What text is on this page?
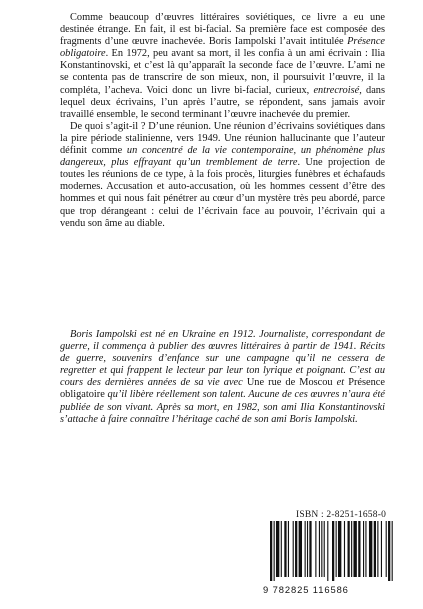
Comme beaucoup d’œuvres littéraires soviétiques, ce livre a eu une destinée étrange. En fait, il est bi-facial. Sa première face est composée des fragments d’une œuvre inachevée. Boris Iampolski l’avait intitulée Présence obligatoire. En 1972, peu avant sa mort, il les confia à un ami écrivain : Ilia Konstantinovski, et c’est là qu’apparaît la seconde face de l’œuvre. L’ami ne se contenta pas de transcrire de son mieux, non, il poursuivit l’œuvre, il la compléta, l’acheva. Voici donc un livre bi-facial, curieux, entrecroisé, dans lequel deux écrivains, l’un après l’autre, se répondent, sans jamais avoir travaillé ensemble, le second terminant l’œuvre inachevée du premier.

De quoi s’agit-il ? D’une réunion. Une réunion d’écrivains soviétiques dans la pire période stalinienne, vers 1949. Une réunion hallucinante que l’auteur définit comme un concentré de la vie contemporaine, un phénomène plus dangereux, plus effrayant qu’un tremblement de terre. Une projection de toutes les réunions de ce type, à la fois procès, liturgies funèbres et échafauds modernes. Accusation et auto-accusation, où les hommes cessent d’être des hommes et qui nous fait pénétrer au cœur d’un mystère très peu abordé, parce que trop dérangeant : celui de l’écrivain face au pouvoir, l’écrivain qui a vendu son âme au diable.

Boris Iampolski est né en Ukraine en 1912. Journaliste, correspondant de guerre, il commença à publier des œuvres littéraires à partir de 1941. Récits de guerre, souvenirs d’enfance sur une campagne qu’il ne cessera de regretter et qui frappent le lecteur par leur ton lyrique et poignant. C’est au cours des dernières années de sa vie avec Une rue de Moscou et Présence obligatoire qu’il libère réellement son talent. Aucune de ces œuvres n’aura été publiée de son vivant. Après sa mort, en 1982, son ami Ilia Konstantinovski s’attache à faire connaître l’héritage caché de son ami Boris Iampolski.
ISBN : 2-8251-1658-0
9 782825 116586
